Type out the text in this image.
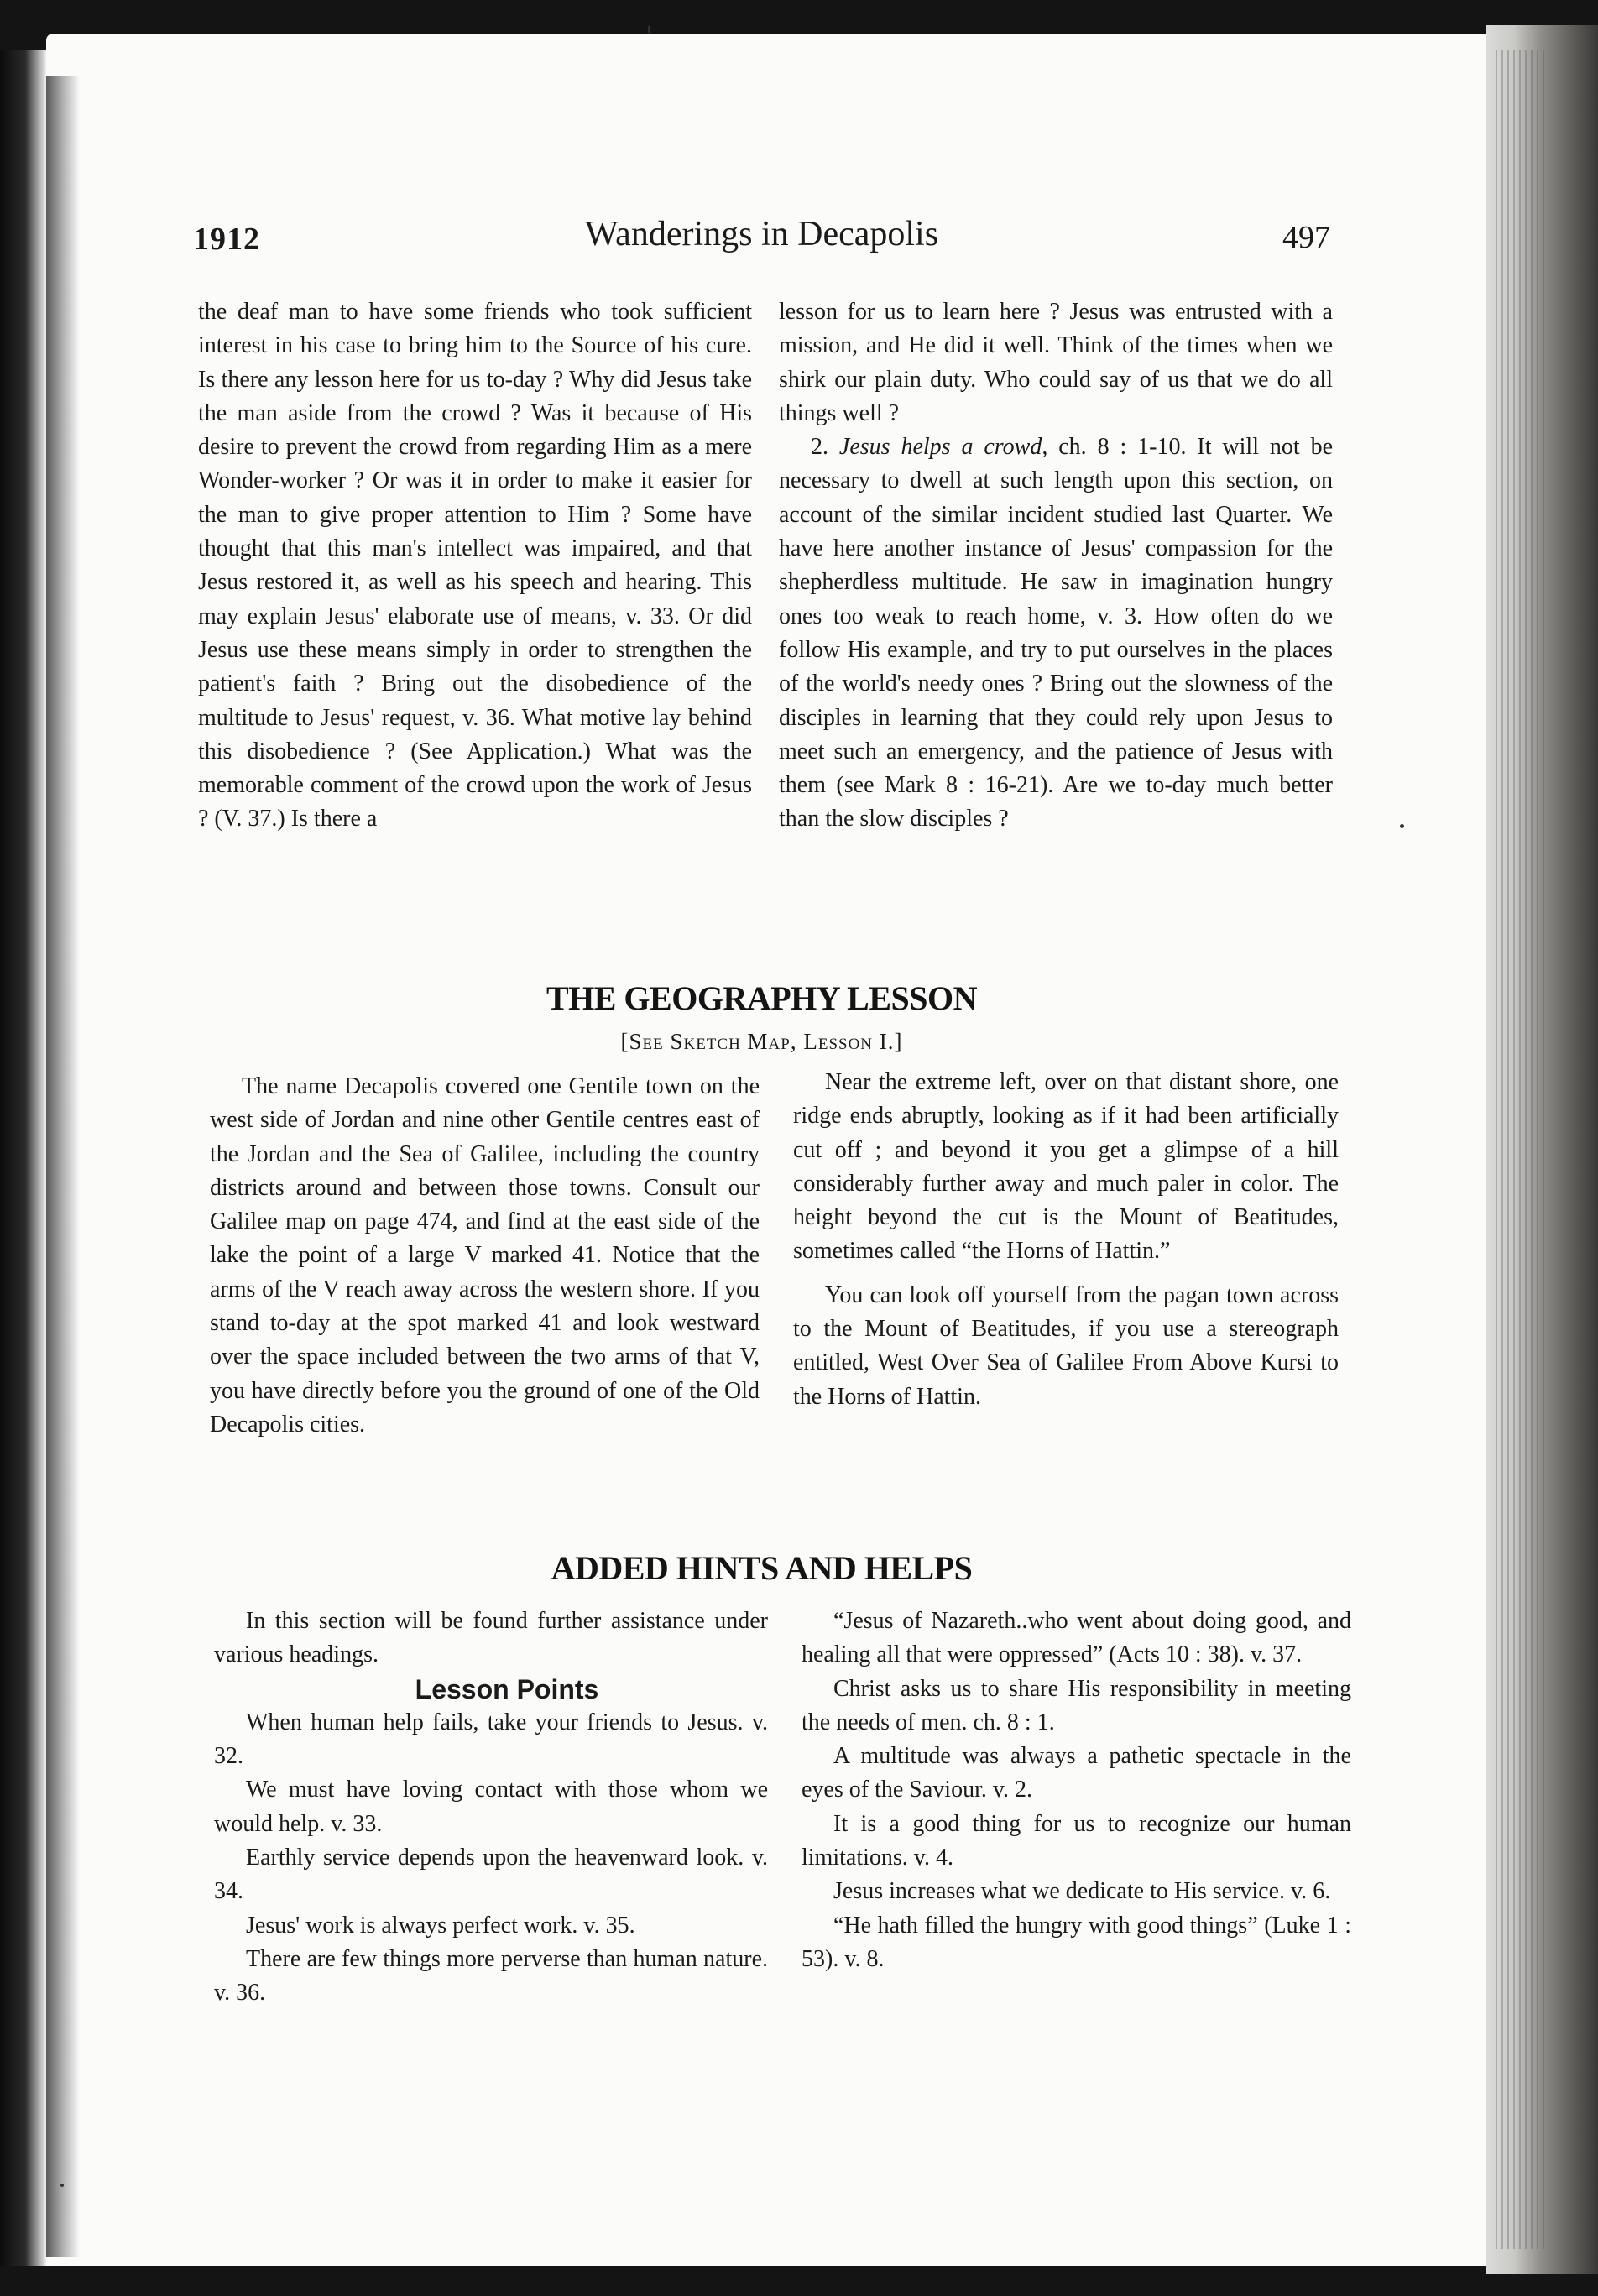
1912	Wanderings in Decapolis	497

the deaf man to have some friends who took sufficient interest in his case to bring him to the Source of his cure. Is there any lesson here for us to-day ? Why did Jesus take the man aside from the crowd ? Was it because of His desire to prevent the crowd from regarding Him as a mere Wonder-worker ? Or was it in order to make it easier for the man to give proper attention to Him ? Some have thought that this man's intellect was impaired, and that Jesus restored it, as well as his speech and hearing. This may explain Jesus' elaborate use of means, v. 33. Or did Jesus use these means simply in order to strengthen the patient's faith ? Bring out the disobedience of the multitude to Jesus' request, v. 36. What motive lay behind this disobedience ? (See Application.) What was the memorable comment of the crowd upon the work of Jesus ? (V. 37.) Is there a

lesson for us to learn here ? Jesus was entrusted with a mission, and He did it well. Think of the times when we shirk our plain duty. Who could say of us that we do all things well ?

2. Jesus helps a crowd, ch. 8 : 1-10. It will not be necessary to dwell at such length upon this section, on account of the similar incident studied last Quarter. We have here another instance of Jesus' compassion for the shepherdless multitude. He saw in imagination hungry ones too weak to reach home, v. 3. How often do we follow His example, and try to put ourselves in the places of the world's needy ones ? Bring out the slowness of the disciples in learning that they could rely upon Jesus to meet such an emergency, and the patience of Jesus with them (see Mark 8 : 16-21). Are we to-day much better than the slow disciples ?

THE GEOGRAPHY LESSON
[See Sketch Map, Lesson I.]

The name Decapolis covered one Gentile town on the west side of Jordan and nine other Gentile centres east of the Jordan and the Sea of Galilee, including the country districts around and between those towns. Consult our Galilee map on page 474, and find at the east side of the lake the point of a large V marked 41. Notice that the arms of the V reach away across the western shore. If you stand to-day at the spot marked 41 and look westward over the space included between the two arms of that V, you have directly before you the ground of one of the Old Decapolis cities.

Near the extreme left, over on that distant shore, one ridge ends abruptly, looking as if it had been artificially cut off ; and beyond it you get a glimpse of a hill considerably further away and much paler in color. The height beyond the cut is the Mount of Beatitudes, sometimes called “the Horns of Hattin.”

You can look off yourself from the pagan town across to the Mount of Beatitudes, if you use a stereograph entitled, West Over Sea of Galilee From Above Kursi to the Horns of Hattin.

ADDED HINTS AND HELPS

In this section will be found further assistance under various headings.

Lesson Points

When human help fails, take your friends to Jesus. v. 32.

We must have loving contact with those whom we would help. v. 33.

Earthly service depends upon the heavenward look. v. 34.

Jesus' work is always perfect work. v. 35.

There are few things more perverse than human nature. v. 36.

“Jesus of Nazareth..who went about doing good, and healing all that were oppressed” (Acts 10 : 38). v. 37.

Christ asks us to share His responsibility in meeting the needs of men. ch. 8 : 1.

A multitude was always a pathetic spectacle in the eyes of the Saviour. v. 2.

It is a good thing for us to recognize our human limitations. v. 4.

Jesus increases what we dedicate to His service. v. 6.

“He hath filled the hungry with good things” (Luke 1 : 53). v. 8.
